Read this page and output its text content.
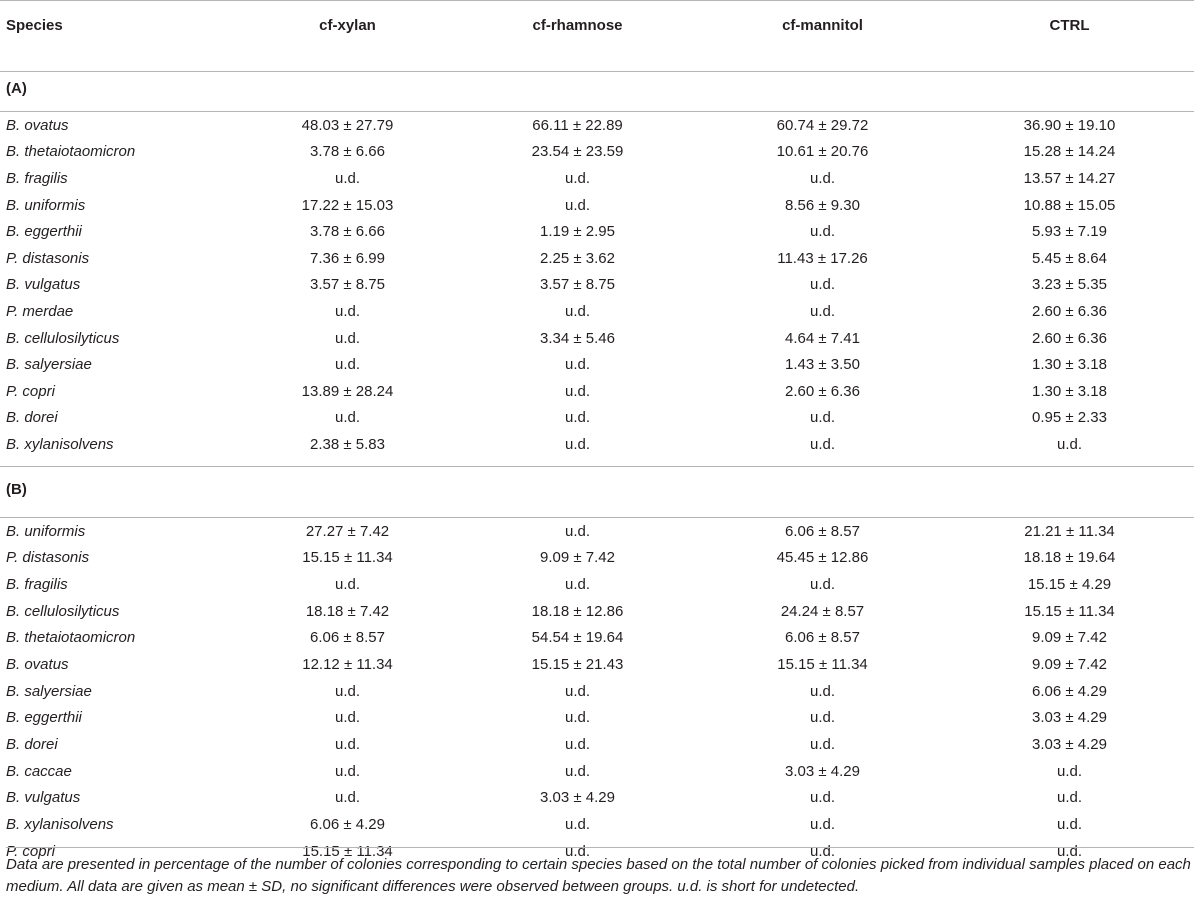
Species	cf-xylan	cf-rhamnose	cf-mannitol	CTRL
(A)				
B. ovatus	48.03 ± 27.79	66.11 ± 22.89	60.74 ± 29.72	36.90 ± 19.10
B. thetaiotaomicron	3.78 ± 6.66	23.54 ± 23.59	10.61 ± 20.76	15.28 ± 14.24
B. fragilis	u.d.	u.d.	u.d.	13.57 ± 14.27
B. uniformis	17.22 ± 15.03	u.d.	8.56 ± 9.30	10.88 ± 15.05
B. eggerthii	3.78 ± 6.66	1.19 ± 2.95	u.d.	5.93 ± 7.19
P. distasonis	7.36 ± 6.99	2.25 ± 3.62	11.43 ± 17.26	5.45 ± 8.64
B. vulgatus	3.57 ± 8.75	3.57 ± 8.75	u.d.	3.23 ± 5.35
P. merdae	u.d.	u.d.	u.d.	2.60 ± 6.36
B. cellulosilyticus	u.d.	3.34 ± 5.46	4.64 ± 7.41	2.60 ± 6.36
B. salyersiae	u.d.	u.d.	1.43 ± 3.50	1.30 ± 3.18
P. copri	13.89 ± 28.24	u.d.	2.60 ± 6.36	1.30 ± 3.18
B. dorei	u.d.	u.d.	u.d.	0.95 ± 2.33
B. xylanisolvens	2.38 ± 5.83	u.d.	u.d.	u.d.

(B)				
B. uniformis	27.27 ± 7.42	u.d.	6.06 ± 8.57	21.21 ± 11.34
P. distasonis	15.15 ± 11.34	9.09 ± 7.42	45.45 ± 12.86	18.18 ± 19.64
B. fragilis	u.d.	u.d.	u.d.	15.15 ± 4.29
B. cellulosilyticus	18.18 ± 7.42	18.18 ± 12.86	24.24 ± 8.57	15.15 ± 11.34
B. thetaiotaomicron	6.06 ± 8.57	54.54 ± 19.64	6.06 ± 8.57	9.09 ± 7.42
B. ovatus	12.12 ± 11.34	15.15 ± 21.43	15.15 ± 11.34	9.09 ± 7.42
B. salyersiae	u.d.	u.d.	u.d.	6.06 ± 4.29
B. eggerthii	u.d.	u.d.	u.d.	3.03 ± 4.29
B. dorei	u.d.	u.d.	u.d.	3.03 ± 4.29
B. caccae	u.d.	u.d.	3.03 ± 4.29	u.d.
B. vulgatus	u.d.	3.03 ± 4.29	u.d.	u.d.
B. xylanisolvens	6.06 ± 4.29	u.d.	u.d.	u.d.
P. copri	15.15 ± 11.34	u.d.	u.d.	u.d.

Data are presented in percentage of the number of colonies corresponding to certain species based on the total number of colonies picked from individual samples placed on each medium. All data are given as mean ± SD, no significant differences were observed between groups. u.d. is short for undetected.
